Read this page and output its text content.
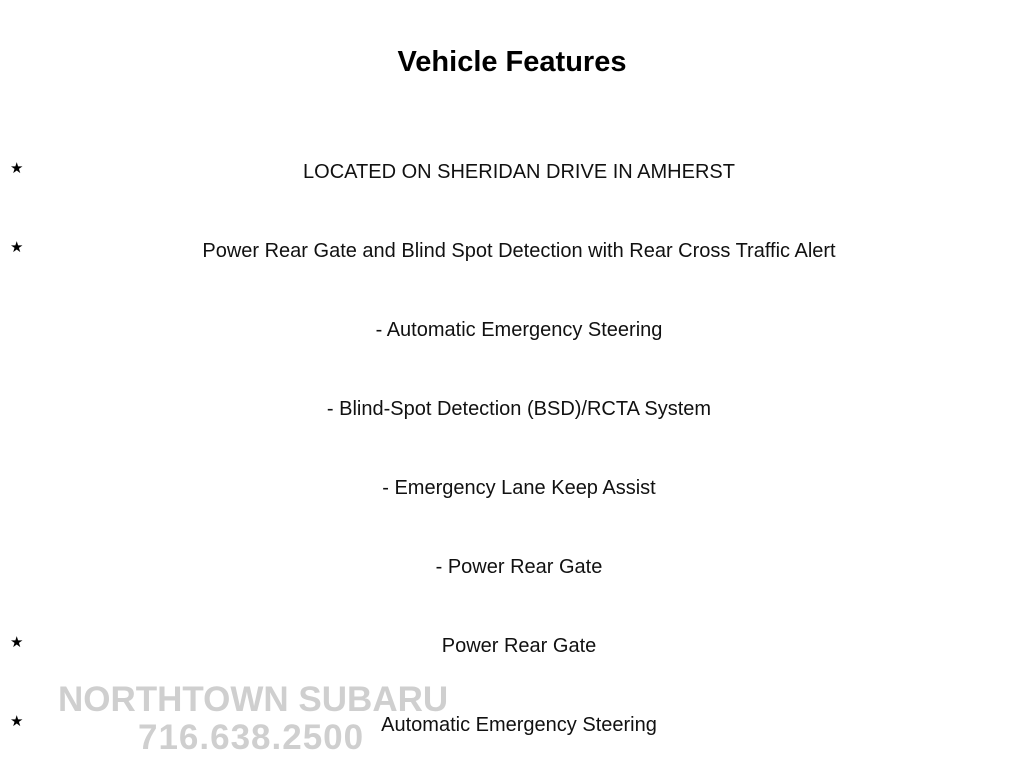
Vehicle Features
★	LOCATED ON SHERIDAN DRIVE IN AMHERST
★	Power Rear Gate and Blind Spot Detection with Rear Cross Traffic Alert
- Automatic Emergency Steering
- Blind-Spot Detection (BSD)/RCTA System
- Emergency Lane Keep Assist
- Power Rear Gate
★	Power Rear Gate
★	Automatic Emergency Steering
NORTHTOWN SUBARU
716.638.2500
